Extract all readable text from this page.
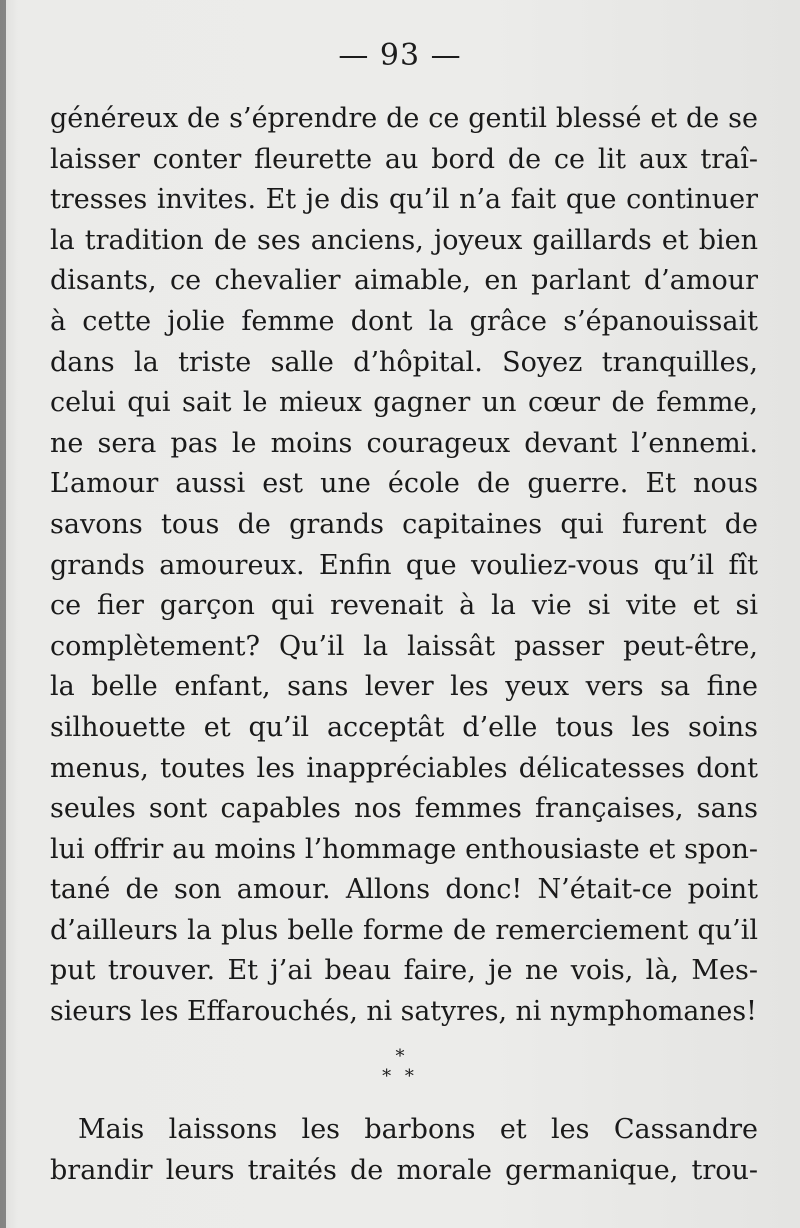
— 93 —
généreux de s’éprendre de ce gentil blessé et de se
laisser conter fleurette au bord de ce lit aux traî-
tresses invites. Et je dis qu’il n’a fait que continuer
la tradition de ses anciens, joyeux gaillards et bien
disants, ce chevalier aimable, en parlant d’amour
à cette jolie femme dont la grâce s’épanouissait
dans la triste salle d’hôpital. Soyez tranquilles,
celui qui sait le mieux gagner un cœur de femme,
ne sera pas le moins courageux devant l’ennemi.
L’amour aussi est une école de guerre. Et nous
savons tous de grands capitaines qui furent de
grands amoureux. Enfin que vouliez-vous qu’il fît
ce fier garçon qui revenait à la vie si vite et si
complètement? Qu’il la laissât passer peut-être,
la belle enfant, sans lever les yeux vers sa fine
silhouette et qu’il acceptât d’elle tous les soins
menus, toutes les inappréciables délicatesses dont
seules sont capables nos femmes françaises, sans
lui offrir au moins l’hommage enthousiaste et spon-
tané de son amour. Allons donc! N’était-ce point
d’ailleurs la plus belle forme de remerciement qu’il
put trouver. Et j’ai beau faire, je ne vois, là, Mes-
sieurs les Effarouchés, ni satyres, ni nymphomanes!
*
* *
Mais laissons les barbons et les Cassandre
brandir leurs traités de morale germanique, trou-
